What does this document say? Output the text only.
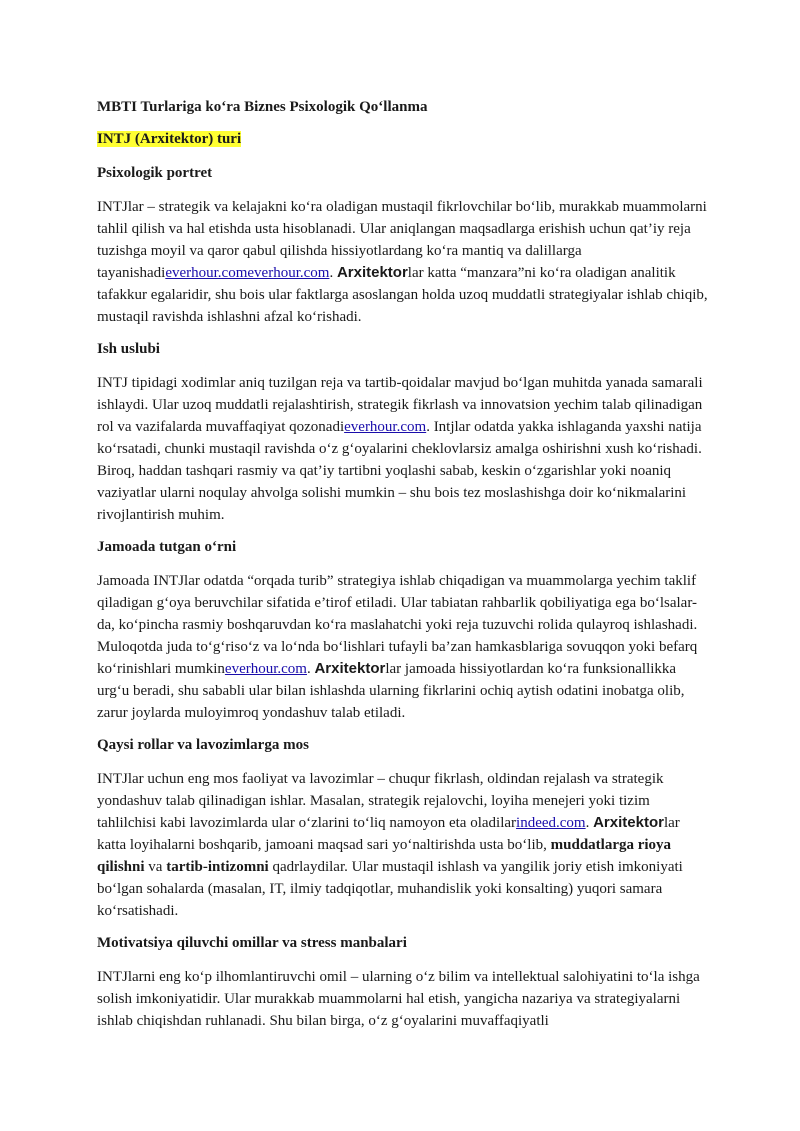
MBTI Turlariga ko‘ra Biznes Psixologik Qo‘llanma
INTJ (Arxitektor) turi
Psixologik portret

INTJlar – strategik va kelajakni ko‘ra oladigan mustaqil fikrlovchilar bo‘lib, murakkab muammolarni tahlil qilish va hal etishda usta hisoblanadi. Ular aniqlangan maqsadlarga erishish uchun qat’iy reja tuzishga moyil va qaror qabul qilishda hissiyotlardang ko‘ra mantiq va dalillarga tayanishadieverhour.comeverhour.com. Arxitektorlar katta “manzara”ni ko‘ra oladigan analitik tafakkur egalaridir, shu bois ular faktlarga asoslangan holda uzoq muddatli strategiyalar ishlab chiqib, mustaqil ravishda ishlashni afzal ko‘rishadi.

Ish uslubi

INTJ tipidagi xodimlar aniq tuzilgan reja va tartib-qoidalar mavjud bo‘lgan muhitda yanada samarali ishlaydi. Ular uzoq muddatli rejalashtirish, strategik fikrlash va innovatsion yechim talab qilinadigan rol va vazifalarda muvaffaqiyat qozonadieverhour.com. Intjlar odatda yakka ishlaganda yaxshi natija ko‘rsatadi, chunki mustaqil ravishda o‘z g‘oyalarini cheklovlarsiz amalga oshirishni xush ko‘rishadi. Biroq, haddan tashqari rasmiy va qat’iy tartibni yoqlashi sabab, keskin o‘zgarishlar yoki noaniq vaziyatlar ularni noqulay ahvolga solishi mumkin – shu bois tez moslashishga doir ko‘nikmalarini rivojlantirish muhim.

Jamoada tutgan o‘rni

Jamoada INTJlar odatda “orqada turib” strategiya ishlab chiqadigan va muammolarga yechim taklif qiladigan g‘oya beruvchilar sifatida e’tirof etiladi. Ular tabiatan rahbarlik qobiliyatiga ega bo‘lsalar-da, ko‘pincha rasmiy boshqaruvdan ko‘ra maslahatchi yoki reja tuzuvchi rolida qulayroq ishlashadi. Muloqotda juda to‘g‘riso‘z va lo‘nda bo‘lishlari tufayli ba’zan hamkasblariga sovuqqon yoki befarq ko‘rinishlari mumkineverhour.com. Arxitektorlar jamoada hissiyotlardan ko‘ra funksionallikka urg‘u beradi, shu sababli ular bilan ishlashda ularning fikrlarini ochiq aytish odatini inobatga olib, zarur joylarda muloyimroq yondashuv talab etiladi.

Qaysi rollar va lavozimlarga mos

INTJlar uchun eng mos faoliyat va lavozimlar – chuqur fikrlash, oldindan rejalash va strategik yondashuv talab qilinadigan ishlar. Masalan, strategik rejalovchi, loyiha menejeri yoki tizim tahlilchisi kabi lavozimlarda ular o‘zlarini to‘liq namoyon eta oladilarindeed.com. Arxitektorlar katta loyihalarni boshqarib, jamoani maqsad sari yo‘naltirishda usta bo‘lib, muddatlarga rioya qilishni va tartib-intizomni qadrlaydilar. Ular mustaqil ishlash va yangilik joriy etish imkoniyati bo‘lgan sohalarda (masalan, IT, ilmiy tadqiqotlar, muhandislik yoki konsalting) yuqori samara ko‘rsatishadi.

Motivatsiya qiluvchi omillar va stress manbalari

INTJlarni eng ko‘p ilhomlantiruvchi omil – ularning o‘z bilim va intellektual salohiyatini to‘la ishga solish imkoniyatidir. Ular murakkab muammolarni hal etish, yangicha nazariya va strategiyalarni ishlab chiqishdan ruhlanadi. Shu bilan birga, o‘z g‘oyalarini muvaffaqiyatli
